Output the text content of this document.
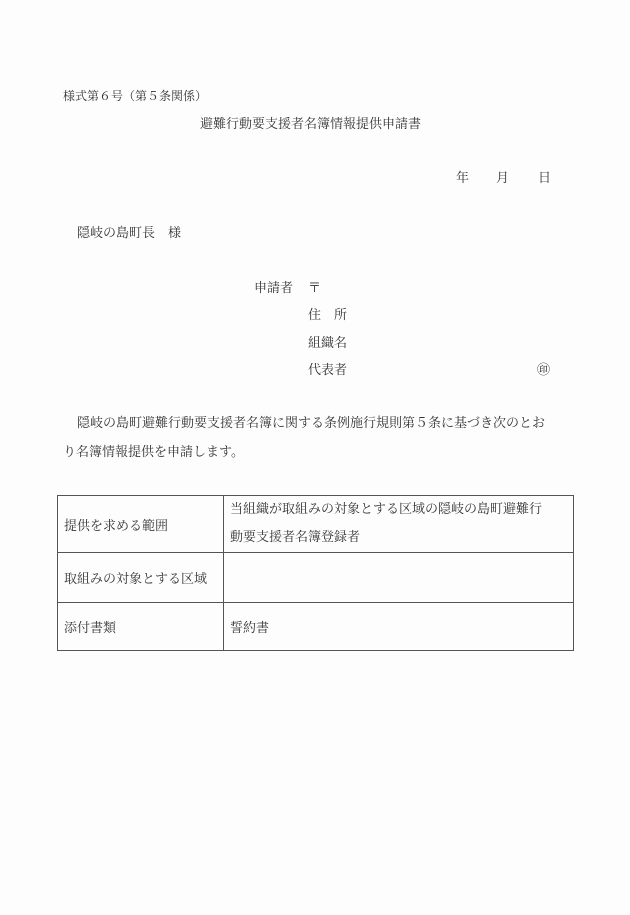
様式第６号（第５条関係）
避難行動要支援者名簿情報提供申請書
年 月 日
隠岐の島町長　様
申請者 〒
住　所
組織名
代表者	㊞
隠岐の島町避難行動要支援者名簿に関する条例施行規則第５条に基づき次のとお
り名簿情報提供を申請します。
提供を求める範囲	当組織が取組みの対象とする区域の隠岐の島町避難行
動要支援者名簿登録者

取組みの対象とする区域	
添付書類	誓約書
